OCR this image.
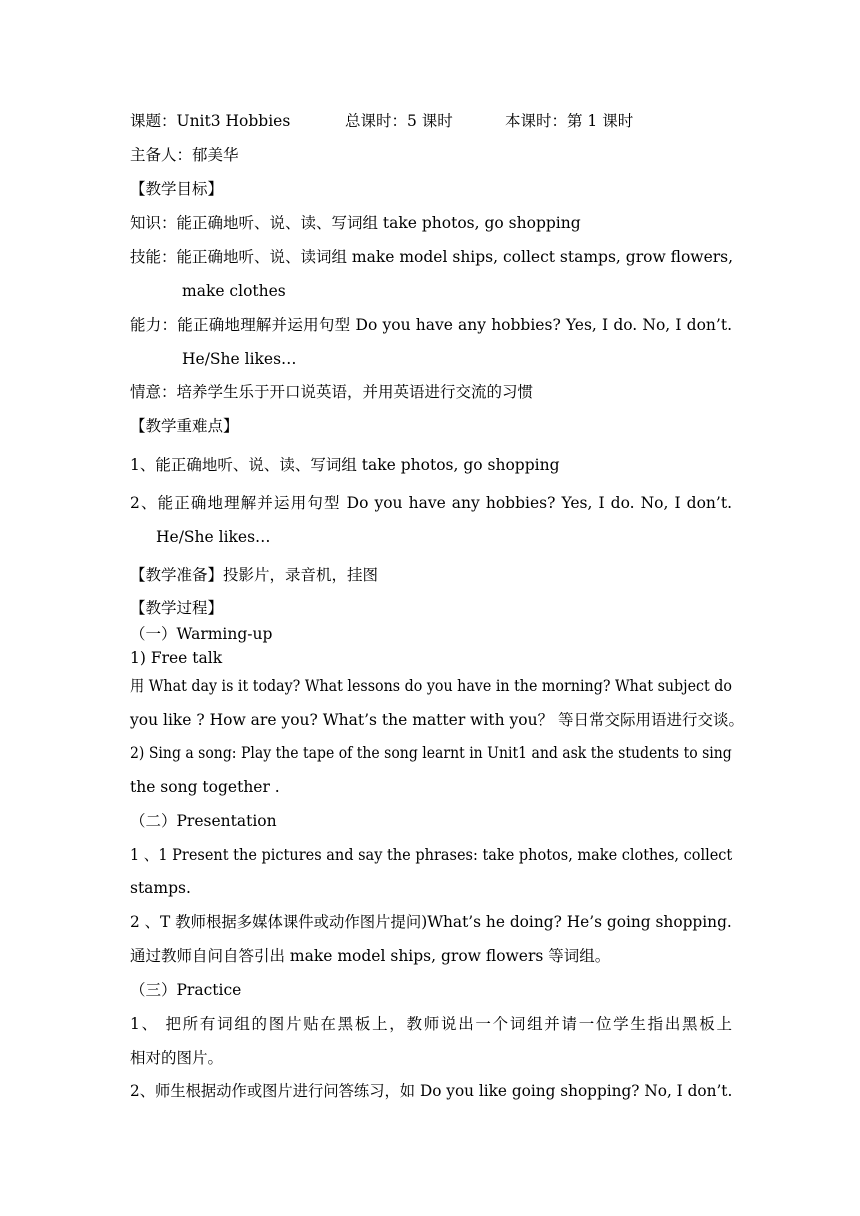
课题：Unit3 Hobbies	总课时：5 课时	本课时：第 1 课时
主备人：郁美华
【教学目标】
知识：能正确地听、说、读、写词组 take photos, go shopping
技能：能正确地听、说、读词组 make model ships, collect stamps, grow flowers,
make clothes
能力：能正确地理解并运用句型 Do you have any hobbies? Yes, I do. No, I don’t.
He/She likes…
情意：培养学生乐于开口说英语，并用英语进行交流的习惯
【教学重难点】
1、能正确地听、说、读、写词组 take photos, go shopping
2、能正确地理解并运用句型 Do you have any hobbies? Yes, I do. No, I don’t.
He/She likes…
【教学准备】投影片，录音机，挂图
【教学过程】
（一）Warming-up
1) Free talk
用 What day is it today? What lessons do you have in the morning? What subject do
you like ? How are you? What’s the matter with you？ 等日常交际用语进行交谈。
2) Sing a song: Play the tape of the song learnt in Unit1 and ask the students to sing
the song together .
（二）Presentation
1 、1 Present the pictures and say the phrases: take photos, make clothes, collect
stamps.
2 、T 教师根据多媒体课件或动作图片提问)What’s he doing? He’s going shopping.
通过教师自问自答引出 make model ships, grow flowers 等词组。
（三）Practice
1、 把所有词组的图片贴在黑板上，教师说出一个词组并请一位学生指出黑板上
相对的图片。
2、师生根据动作或图片进行问答练习，如 Do you like going shopping? No, I don’t.
